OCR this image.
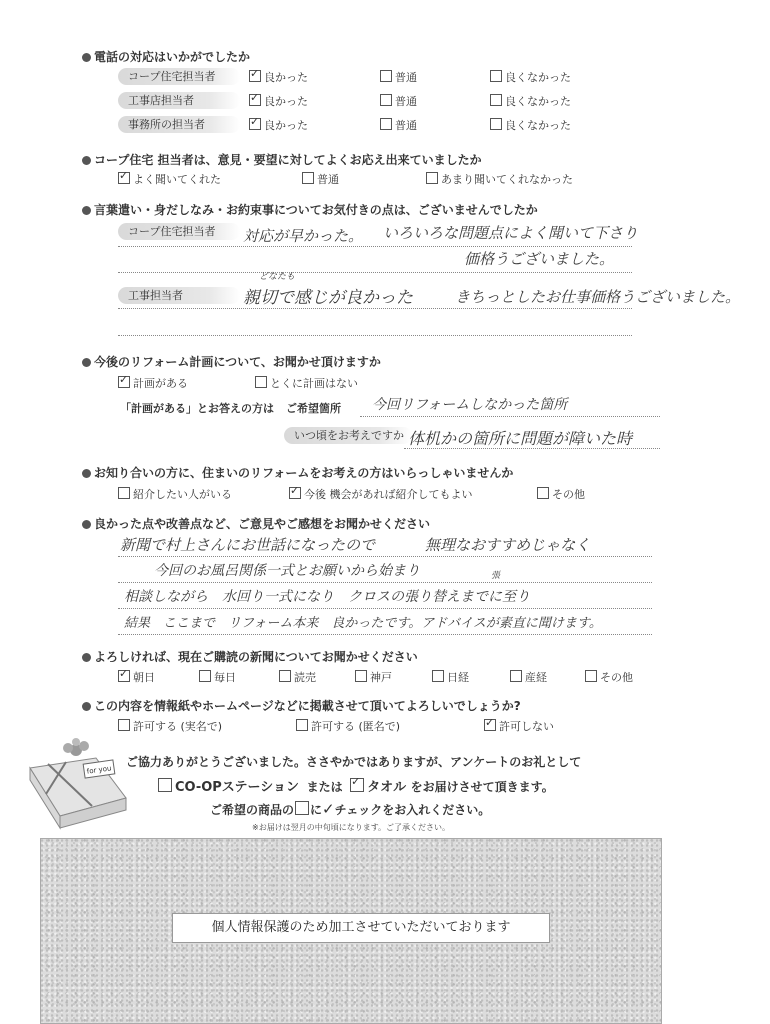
電話の対応はいかがでしたか
コープ住宅担当者 ✓	良かった	普通	良くなかった
工事店担当者 ✓	良かった	普通	良くなかった
事務所の担当者 ✓	良かった	普通	良くなかった
コープ住宅 担当者は、意見・要望に対してよくお応え出来ていましたか
✓よく聞いてくれた	普通	あまり聞いてくれなかった
言葉遣い・身だしなみ・お約束事についてお気付きの点は、ございませんでしたか
コープ住宅担当者	対応が早かった。 いろいろな問題点によく聞いて下さり
価格うございました。
どなたも
工事担当者	親切で感じが良かった	きちっとしたお仕事価格うございました。
今後のリフォーム計画について、お聞かせ頂けますか
✓計画がある	とくに計画はない
「計画がある」とお答えの方は ご希望箇所 今回リフォームしなかった箇所
いつ頃をお考えですか 体机かの箇所に問題が障いた時
お知り合いの方に、住まいのリフォームをお考えの方はいらっしゃいませんか
紹介したい人がいる ✓	今後 機会があれば紹介してもよい	その他
良かった点や改善点など、ご意見やご感想をお聞かせください
新聞で村上さんにお世話になったので	無理なおすすめじゃなく
今回のお風呂関係一式とお願いから始まり	張
相談しながら　水回り一式になり　クロスの張り替えまでに至り
結果　ここまで　リフォーム本来　良かったです。アドバイスが素直に聞けます。
よろしければ、現在ご購読の新聞についてお聞かせください
✓朝日	毎日	読売	神戸	日経	産経	その他
この内容を情報紙やホームページなどに掲載させて頂いてよろしいでしょうか?
許可する (実名で)	許可する (匿名で) ✓	許可しない
for you
ご協力ありがとうございました。ささやかではありますが、アンケートのお礼として
CO-OPステーション または ✓ タオル をお届けさせて頂きます。
ご希望の商品の に✓チェックをお入れください。
※お届けは翌月の中旬頃になります。ご了承ください。
個人情報保護のため加工させていただいております
